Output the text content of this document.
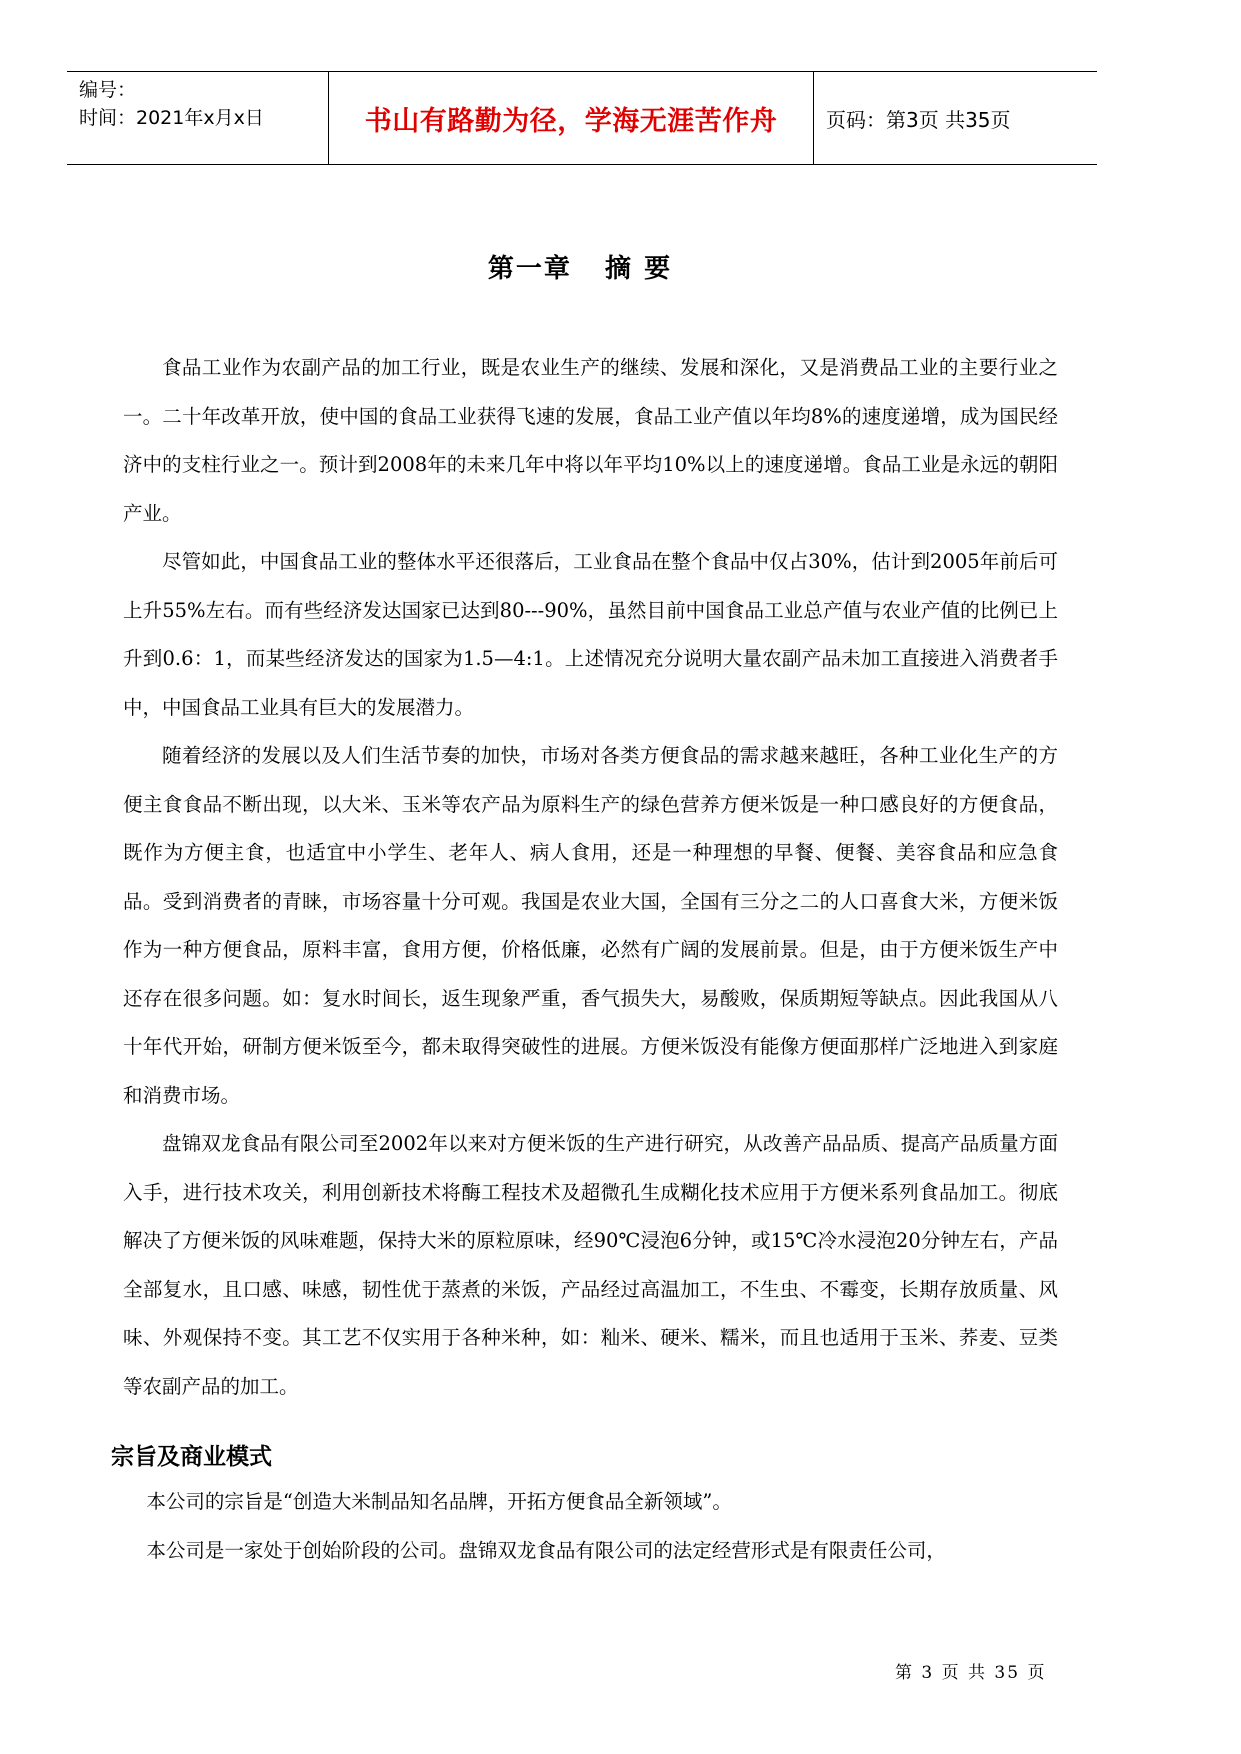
编号：
时间：2021年x月x日	书山有路勤为径，学海无涯苦作舟	页码：第3页 共35页
第一章   摘 要

食品工业作为农副产品的加工行业，既是农业生产的继续、发展和深化，又是消费品工业的主要行业之一。二十年改革开放，使中国的食品工业获得飞速的发展，食品工业产值以年均8%的速度递增，成为国民经济中的支柱行业之一。预计到2008年的未来几年中将以年平均10%以上的速度递增。食品工业是永远的朝阳产业。

尽管如此，中国食品工业的整体水平还很落后，工业食品在整个食品中仅占30%，估计到2005年前后可上升55%左右。而有些经济发达国家已达到80---90%，虽然目前中国食品工业总产值与农业产值的比例已上升到0.6：1，而某些经济发达的国家为1.5—4:1。上述情况充分说明大量农副产品未加工直接进入消费者手中，中国食品工业具有巨大的发展潜力。

随着经济的发展以及人们生活节奏的加快，市场对各类方便食品的需求越来越旺，各种工业化生产的方便主食食品不断出现，以大米、玉米等农产品为原料生产的绿色营养方便米饭是一种口感良好的方便食品，既作为方便主食，也适宜中小学生、老年人、病人食用，还是一种理想的早餐、便餐、美容食品和应急食品。受到消费者的青睐，市场容量十分可观。我国是农业大国，全国有三分之二的人口喜食大米，方便米饭作为一种方便食品，原料丰富，食用方便，价格低廉，必然有广阔的发展前景。但是，由于方便米饭生产中还存在很多问题。如：复水时间长，返生现象严重，香气损失大，易酸败，保质期短等缺点。因此我国从八十年代开始，研制方便米饭至今，都未取得突破性的进展。方便米饭没有能像方便面那样广泛地进入到家庭和消费市场。

盘锦双龙食品有限公司至2002年以来对方便米饭的生产进行研究，从改善产品品质、提高产品质量方面入手，进行技术攻关，利用创新技术将酶工程技术及超微孔生成糊化技术应用于方便米系列食品加工。彻底解决了方便米饭的风味难题，保持大米的原粒原味，经90℃浸泡6分钟，或15℃冷水浸泡20分钟左右，产品全部复水，且口感、味感，韧性优于蒸煮的米饭，产品经过高温加工，不生虫、不霉变，长期存放质量、风味、外观保持不变。其工艺不仅实用于各种米种，如：籼米、硬米、糯米，而且也适用于玉米、荞麦、豆类等农副产品的加工。

宗旨及商业模式

本公司的宗旨是“创造大米制品知名品牌，开拓方便食品全新领域”。

本公司是一家处于创始阶段的公司。盘锦双龙食品有限公司的法定经营形式是有限责任公司，

第 3 页 共 35 页
